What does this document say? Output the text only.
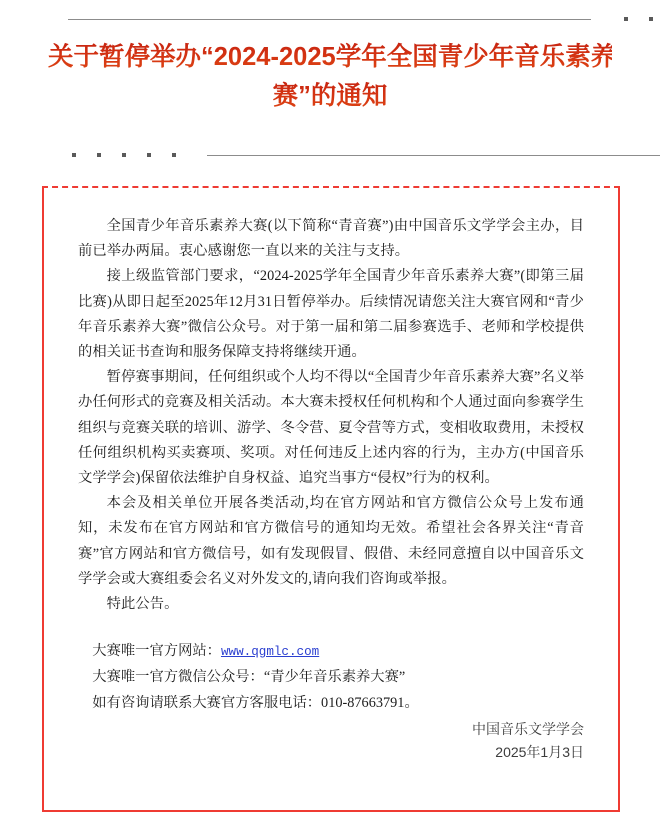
关于暂停举办“2024-2025学年全国青少年音乐素养大
赛”的通知

全国青少年音乐素养大赛(以下简称“青音赛”)由中国音乐文学学会主办，目前已举办两届。衷心感谢您一直以来的关注与支持。

接上级监管部门要求，“2024-2025学年全国青少年音乐素养大赛”(即第三届比赛)从即日起至2025年12月31日暂停举办。后续情况请您关注大赛官网和“青少年音乐素养大赛”微信公众号。对于第一届和第二届参赛选手、老师和学校提供的相关证书查询和服务保障支持将继续开通。

暂停赛事期间，任何组织或个人均不得以“全国青少年音乐素养大赛”名义举办任何形式的竞赛及相关活动。本大赛未授权任何机构和个人通过面向参赛学生组织与竞赛关联的培训、游学、冬令营、夏令营等方式，变相收取费用，未授权任何组织机构买卖赛项、奖项。对任何违反上述内容的行为，主办方(中国音乐文学学会)保留依法维护自身权益、追究当事方“侵权”行为的权利。

本会及相关单位开展各类活动,均在官方网站和官方微信公众号上发布通知，未发布在官方网站和官方微信号的通知均无效。希望社会各界关注“青音赛”官方网站和官方微信号，如有发现假冒、假借、未经同意擅自以中国音乐文学学会或大赛组委会名义对外发文的,请向我们咨询或举报。

特此公告。

大赛唯一官方网站：www.qgmlc.com
大赛唯一官方微信公众号：“青少年音乐素养大赛”
如有咨询请联系大赛官方客服电话：010-87663791。
中国音乐文学学会
2025年1月3日
